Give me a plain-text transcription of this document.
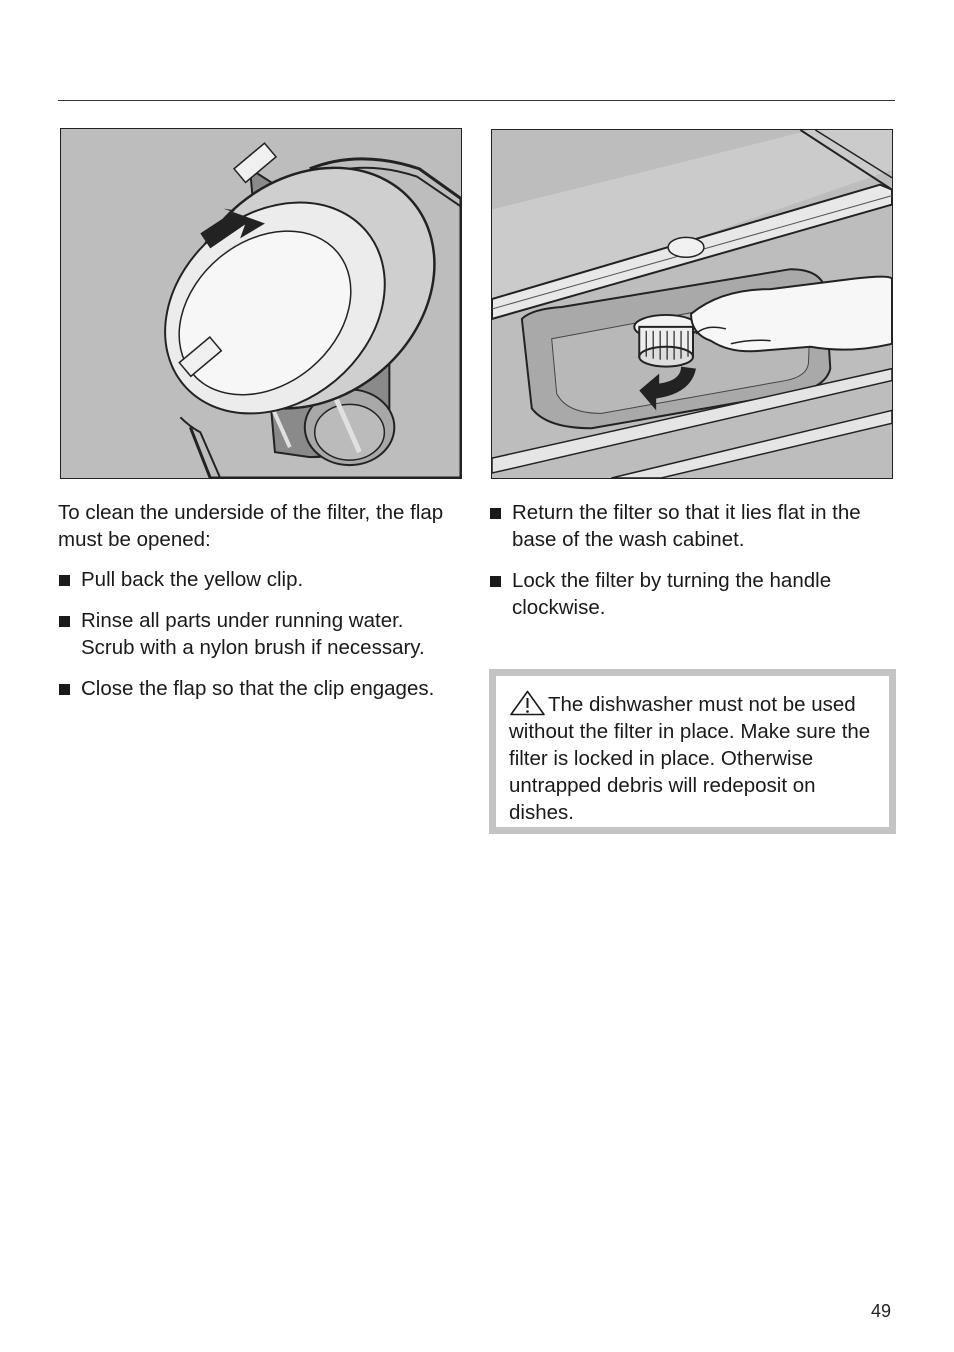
To clean the underside of the filter, the flap must be opened:

Pull back the yellow clip.
Rinse all parts under running water. Scrub with a nylon brush if necessary.
Close the flap so that the clip engages.
Return the filter so that it lies flat in the base of the wash cabinet.
Lock the filter by turning the handle clockwise.
The dishwasher must not be used without the filter in place. Make sure the filter is locked in place. Otherwise untrapped debris will redeposit on dishes.
49
